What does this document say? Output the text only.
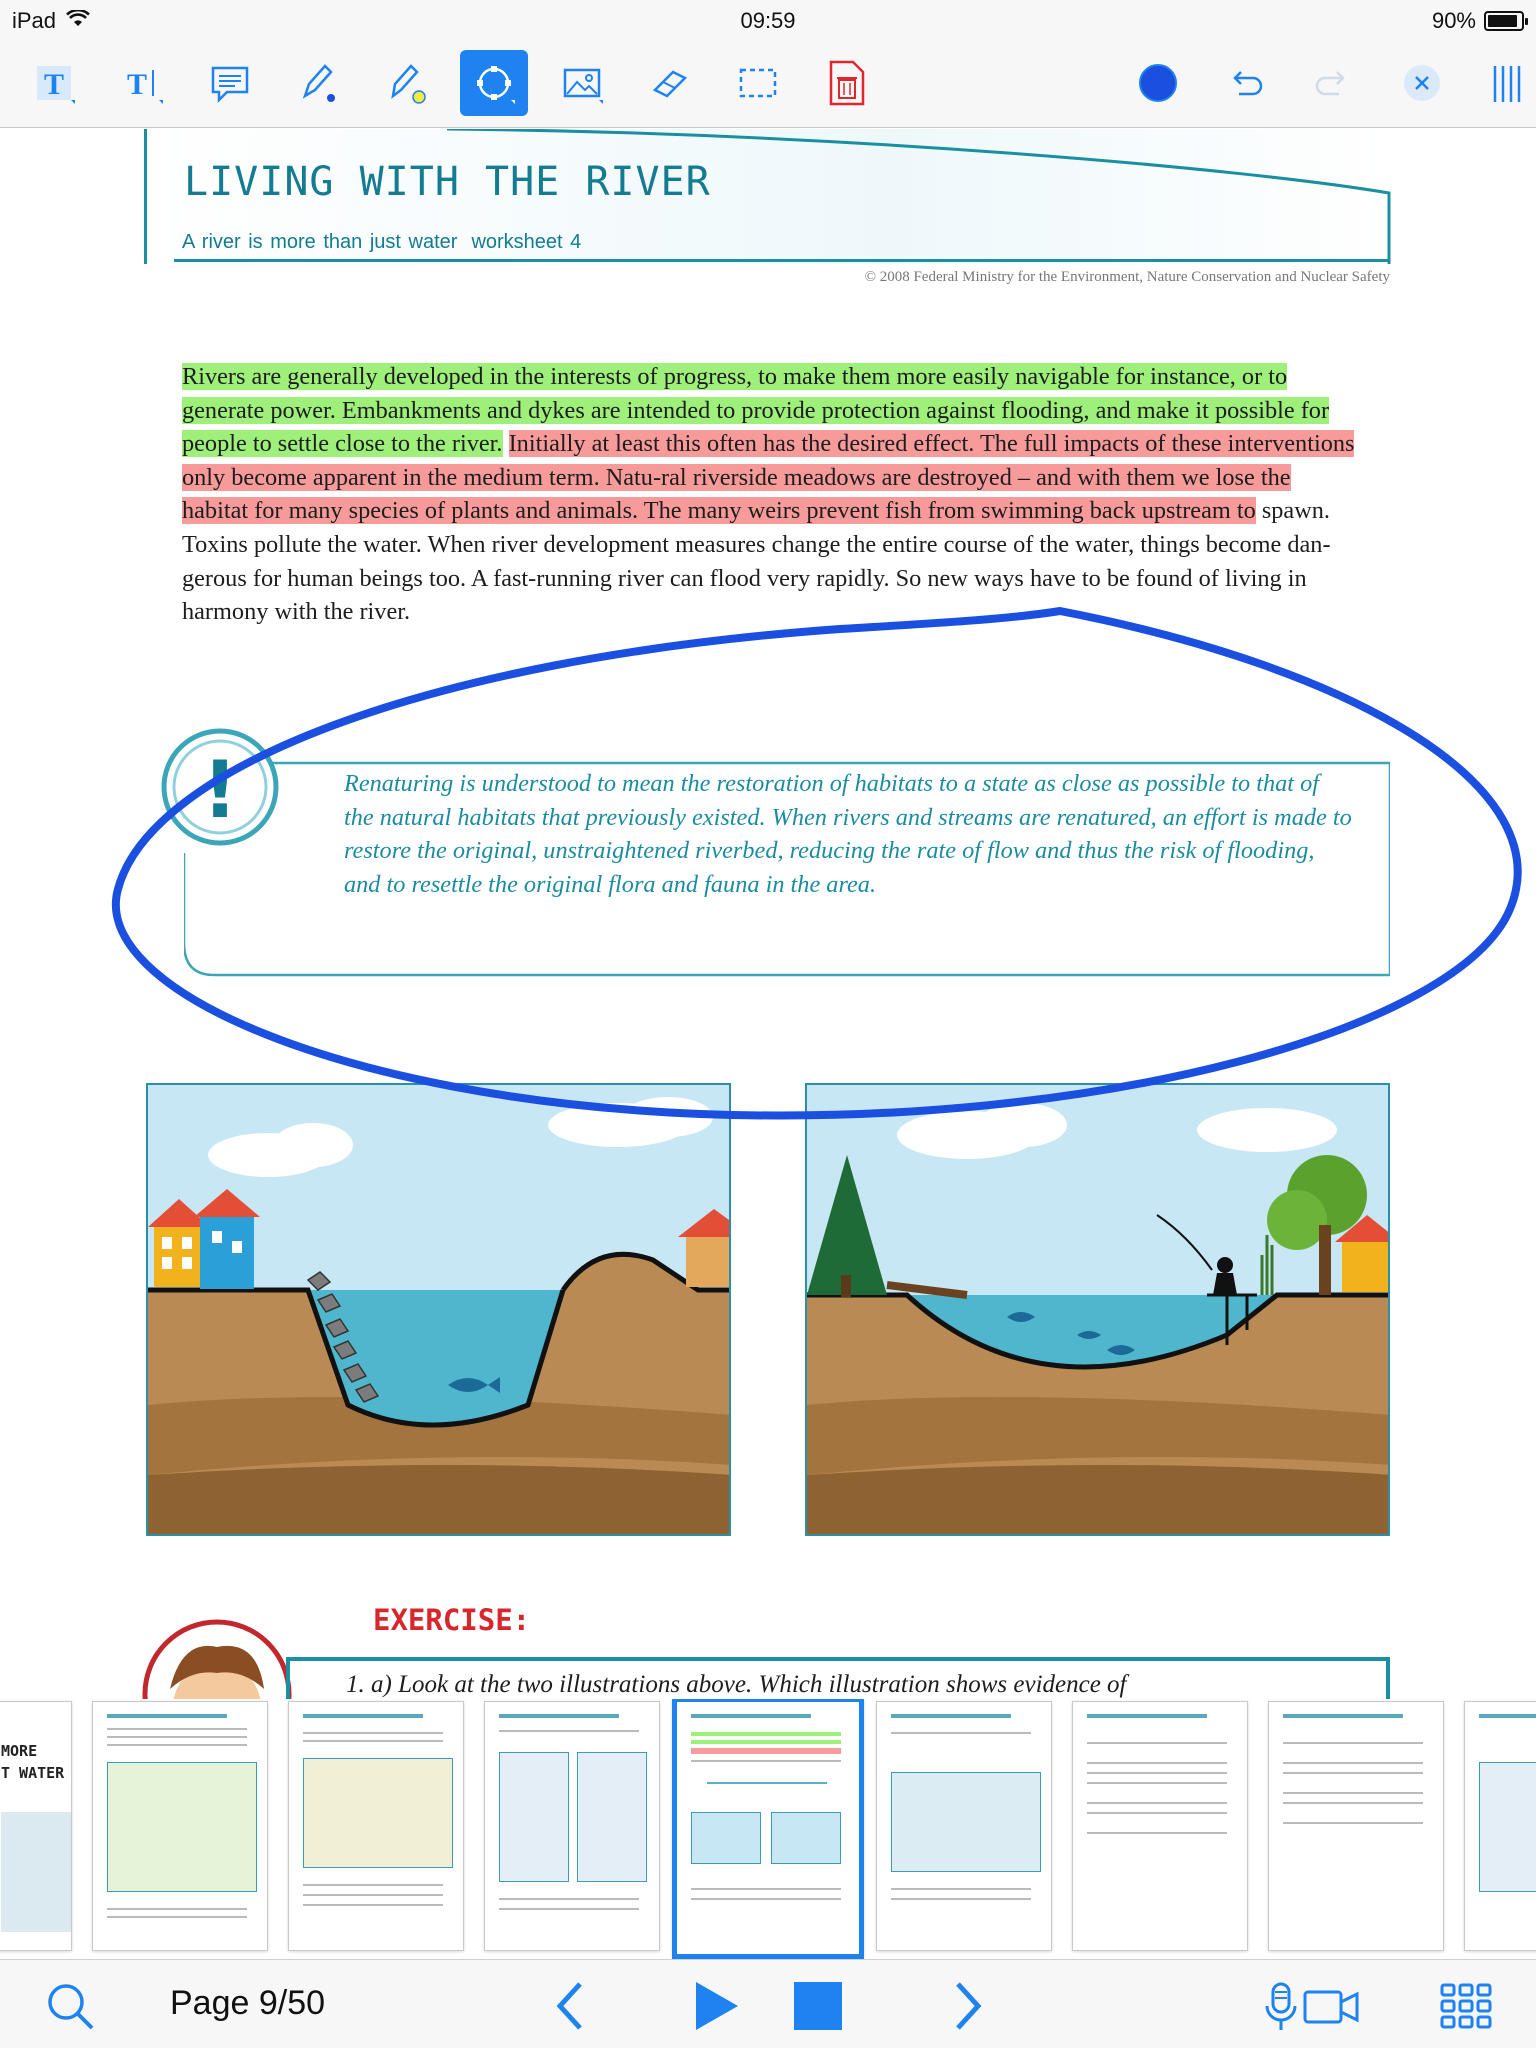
iPad	09:59	90%
T T
LIVING WITH THE RIVER
A river is more than just water worksheet 4
© 2008 Federal Ministry for the Environment, Nature Conservation and Nuclear Safety
Rivers are generally developed in the interests of progress, to make them more easily navigable for instance, or to generate power. Embankments and dykes are intended to provide protection against flooding, and make it possible for people to settle close to the river. Initially at least this often has the desired effect. The full impacts of these interventions only become apparent in the medium term. Natu-ral riverside meadows are destroyed – and with them we lose the habitat for many species of plants and animals. The many weirs prevent fish from swimming back upstream to spawn. Toxins pollute the water. When river development measures change the entire course of the water, things become dan-gerous for human beings too. A fast-running river can flood very rapidly. So new ways have to be found of living in harmony with the river.
!	Renaturing is understood to mean the restoration of habitats to a state as close as possible to that of the natural habitats that previously existed. When rivers and streams are renatured, an effort is made to restore the original, unstraightened riverbed, reducing the rate of flow and thus the risk of flooding, and to resettle the original flora and fauna in the area.
EXERCISE:
1. a) Look at the two illustrations above. Which illustration shows evidence of
MORE
T WATER
Page 9/50
